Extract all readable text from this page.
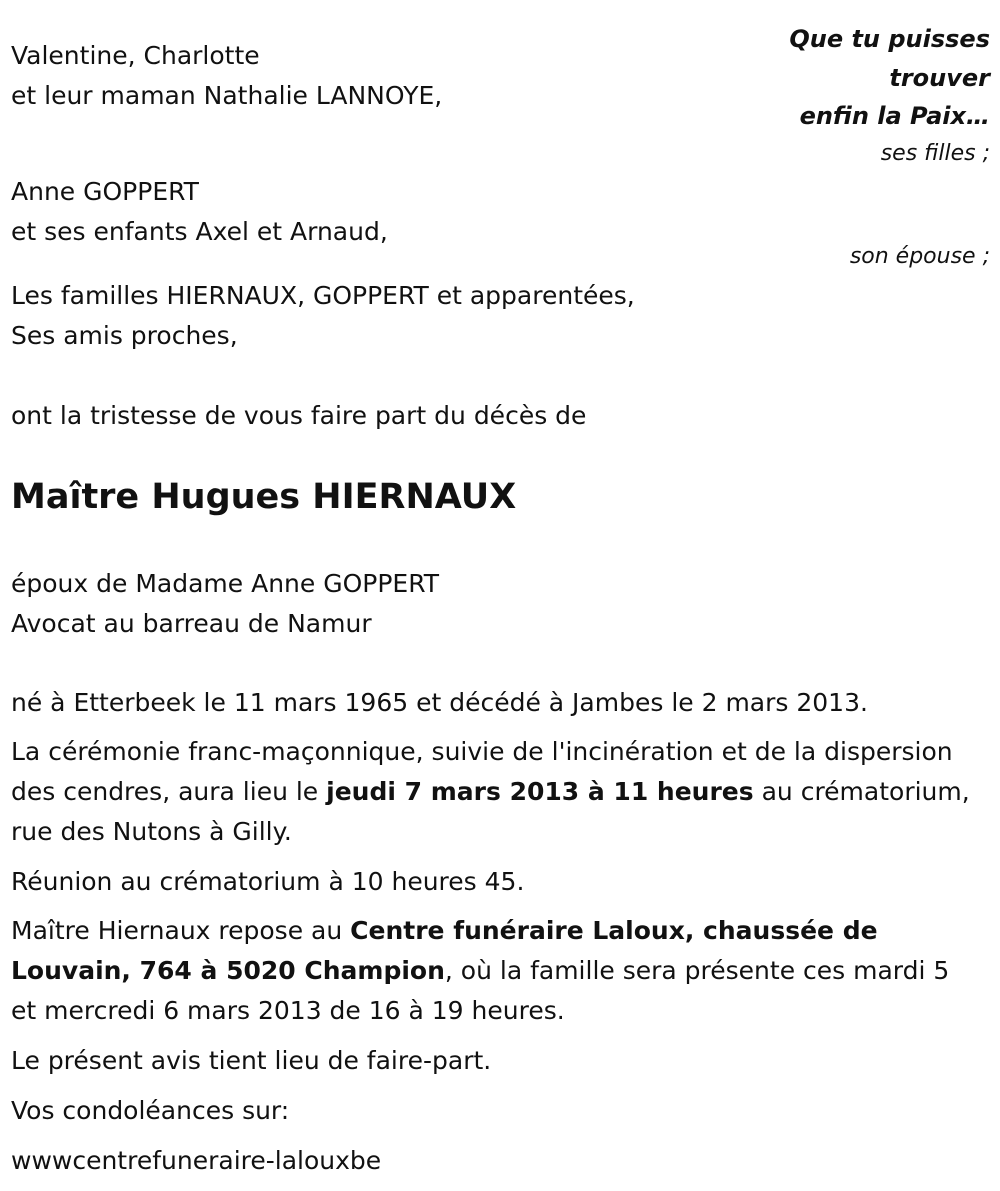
Valentine, Charlotte
et leur maman Nathalie LANNOYE,
Anne GOPPERT
et ses enfants Axel et Arnaud,
Les familles HIERNAUX, GOPPERT et apparentées,
Ses amis proches,
Que tu puisses
trouver
enfin la Paix…
ses filles ;
son épouse ;
ont la tristesse de vous faire part du décès de
Maître Hugues HIERNAUX
époux de Madame Anne GOPPERT
Avocat au barreau de Namur
né à Etterbeek le 11 mars 1965 et décédé à Jambes le 2 mars 2013.
La cérémonie franc-maçonnique, suivie de l'incinération et de la dispersion des cendres, aura lieu le jeudi 7 mars 2013 à 11 heures au crématorium, rue des Nutons à Gilly.
Réunion au crématorium à 10 heures 45.
Maître Hiernaux repose au Centre funéraire Laloux, chaussée de Louvain, 764 à 5020 Champion, où la famille sera présente ces mardi 5 et mercredi 6 mars 2013 de 16 à 19 heures.
Le présent avis tient lieu de faire-part.
Vos condoléances sur:
wwwcentrefuneraire-lalouxbe
